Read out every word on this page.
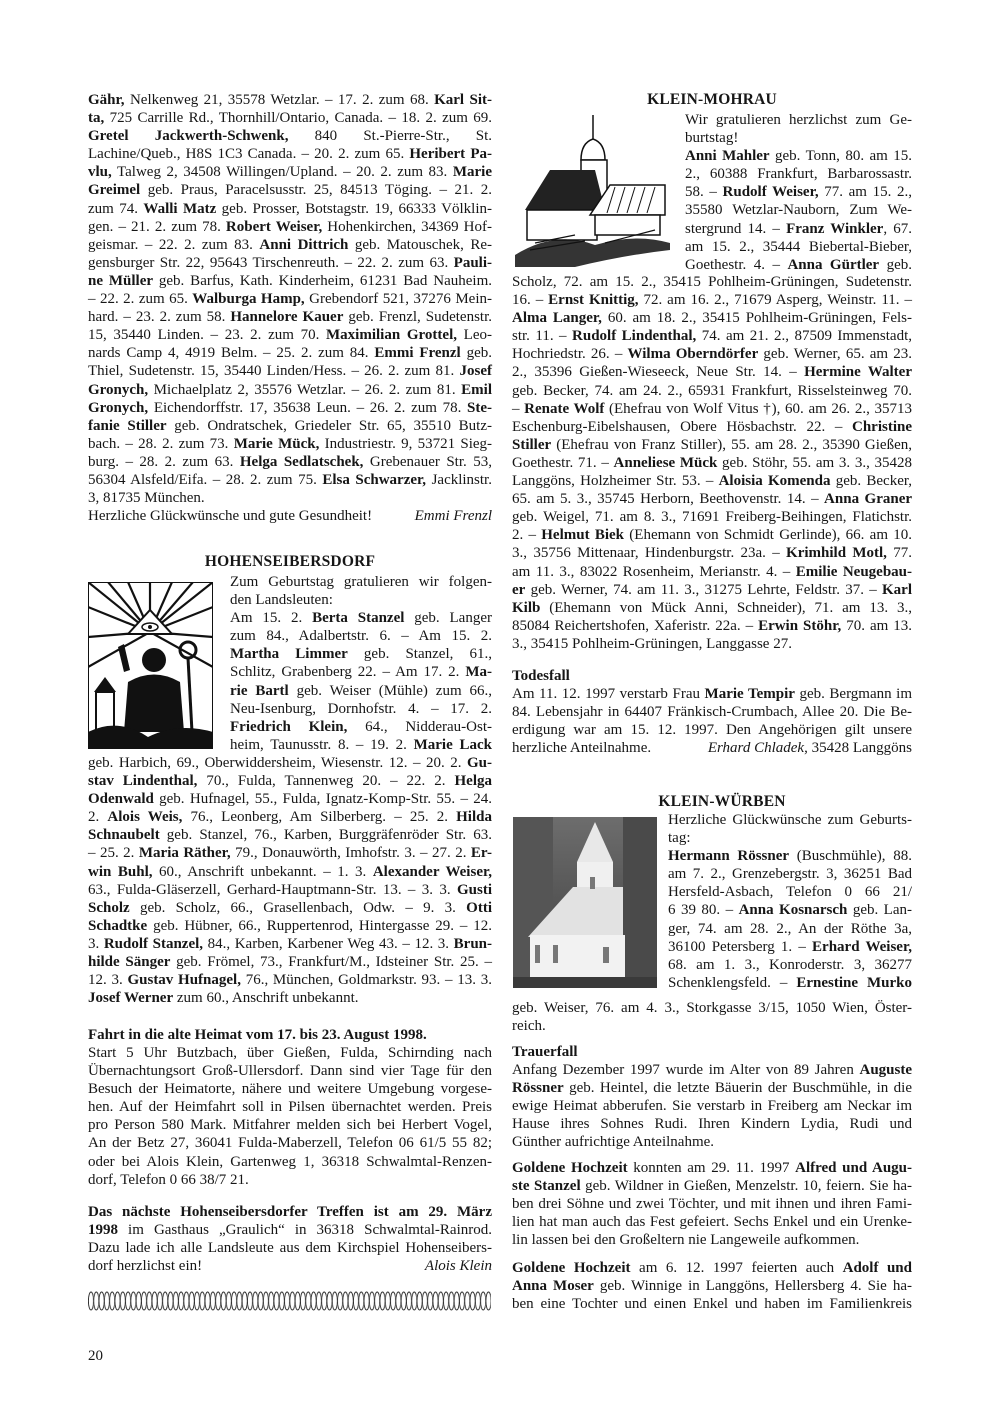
Gähr, Nelkenweg 21, 35578 Wetzlar. – 17. 2. zum 68. Karl Sit-
ta, 725 Carrille Rd., Thornhill/Ontario, Canada. – 18. 2. zum 69.
Gretel Jackwerth-Schwenk, 840 St.-Pierre-Str., St.
Lachine/Queb., H8S 1C3 Canada. – 20. 2. zum 65. Heribert Pa-
vlu, Talweg 2, 34508 Willingen/Upland. – 20. 2. zum 83. Marie
Greimel geb. Praus, Paracelsusstr. 25, 84513 Töging. – 21. 2.
zum 74. Walli Matz geb. Prosser, Botstagstr. 19, 66333 Völklin-
gen. – 21. 2. zum 78. Robert Weiser, Hohenkirchen, 34369 Hof-
geismar. – 22. 2. zum 83. Anni Dittrich geb. Matouschek, Re-
gensburger Str. 22, 95643 Tirschenreuth. – 22. 2. zum 63. Pauli-
ne Müller geb. Barfus, Kath. Kinderheim, 61231 Bad Nauheim.
– 22. 2. zum 65. Walburga Hamp, Grebendorf 521, 37276 Mein-
hard. – 23. 2. zum 58. Hannelore Kauer geb. Frenzl, Sudetenstr.
15, 35440 Linden. – 23. 2. zum 70. Maximilian Grottel, Leo-
nards Camp 4, 4919 Belm. – 25. 2. zum 84. Emmi Frenzl geb.
Thiel, Sudetenstr. 15, 35440 Linden/Hess. – 26. 2. zum 81. Josef
Gronych, Michaelplatz 2, 35576 Wetzlar. – 26. 2. zum 81. Emil
Gronych, Eichendorffstr. 17, 35638 Leun. – 26. 2. zum 78. Ste-
fanie Stiller geb. Ondratschek, Griedeler Str. 65, 35510 Butz-
bach. – 28. 2. zum 73. Marie Mück, Industriestr. 9, 53721 Sieg-
burg. – 28. 2. zum 63. Helga Sedlatschek, Grebenauer Str. 53,
56304 Alsfeld/Eifa. – 28. 2. zum 75. Elsa Schwarzer, Jacklinstr.
3, 81735 München.
Herzliche Glückwünsche und gute Gesundheit!	Emmi Frenzl
HOHENSEIBERSDORF
Zum Geburtstag gratulieren wir folgen-
den Landsleuten:
Am 15. 2. Berta Stanzel geb. Langer
zum 84., Adalbertstr. 6. – Am 15. 2.
Martha Limmer geb. Stanzel, 61.,
Schlitz, Grabenberg 22. – Am 17. 2. Ma-
rie Bartl geb. Weiser (Mühle) zum 66.,
Neu-Isenburg, Dornhofstr. 4. – 17. 2.
Friedrich Klein, 64., Nidderau-Ost-
heim, Taunusstr. 8. – 19. 2. Marie Lack
geb. Harbich, 69., Oberwiddersheim, Wiesenstr. 12. – 20. 2. Gu-
stav Lindenthal, 70., Fulda, Tannenweg 20. – 22. 2. Helga
Odenwald geb. Hufnagel, 55., Fulda, Ignatz-Komp-Str. 55. – 24.
2. Alois Weis, 76., Leonberg, Am Silberberg. – 25. 2. Hilda
Schnaubelt geb. Stanzel, 76., Karben, Burggräfenröder Str. 63.
– 25. 2. Maria Räther, 79., Donauwörth, Imhofstr. 3. – 27. 2. Er-
win Buhl, 60., Anschrift unbekannt. – 1. 3. Alexander Weiser,
63., Fulda-Gläserzell, Gerhard-Hauptmann-Str. 13. – 3. 3. Gusti
Scholz geb. Scholz, 66., Grasellenbach, Odw. – 9. 3. Otti
Schadtke geb. Hübner, 66., Ruppertenrod, Hintergasse 29. – 12.
3. Rudolf Stanzel, 84., Karben, Karbener Weg 43. – 12. 3. Brun-
hilde Sänger geb. Frömel, 73., Frankfurt/M., Idsteiner Str. 25. –
12. 3. Gustav Hufnagel, 76., München, Goldmarkstr. 93. – 13. 3.
Josef Werner zum 60., Anschrift unbekannt.
Fahrt in die alte Heimat vom 17. bis 23. August 1998.
Start 5 Uhr Butzbach, über Gießen, Fulda, Schirnding nach
Übernachtungsort Groß-Ullersdorf. Dann sind vier Tage für den
Besuch der Heimatorte, nähere und weitere Umgebung vorgese-
hen. Auf der Heimfahrt soll in Pilsen übernachtet werden. Preis
pro Person 580 Mark. Mitfahrer melden sich bei Herbert Vogel,
An der Betz 27, 36041 Fulda-Maberzell, Telefon 06 61/5 55 82;
oder bei Alois Klein, Gartenweg 1, 36318 Schwalmtal-Renzen-
dorf, Telefon 0 66 38/7 21.
Das nächste Hohenseibersdorfer Treffen ist am 29. März
1998 im Gasthaus „Graulich“ in 36318 Schwalmtal-Rainrod.
Dazu lade ich alle Landsleute aus dem Kirchspiel Hohenseibers-
dorf herzlichst ein!	Alois Klein
20
KLEIN-MOHRAU
Wir gratulieren herzlichst zum Ge-
burtstag!
Anni Mahler geb. Tonn, 80. am 15.
2., 60388 Frankfurt, Barbarossastr.
58. – Rudolf Weiser, 77. am 15. 2.,
35580 Wetzlar-Nauborn, Zum We-
stergrund 14. – Franz Winkler, 67.
am 15. 2., 35444 Biebertal-Bieber,
Goethestr. 4. – Anna Gürtler geb.
Scholz, 72. am 15. 2., 35415 Pohlheim-Grüningen, Sudetenstr.
16. – Ernst Knittig, 72. am 16. 2., 71679 Asperg, Weinstr. 11. –
Alma Langer, 60. am 18. 2., 35415 Pohlheim-Grüningen, Fels-
str. 11. – Rudolf Lindenthal, 74. am 21. 2., 87509 Immenstadt,
Hochriedstr. 26. – Wilma Oberndörfer geb. Werner, 65. am 23.
2., 35396 Gießen-Wieseeck, Neue Str. 14. – Hermine Walter
geb. Becker, 74. am 24. 2., 65931 Frankfurt, Risselsteinweg 70.
– Renate Wolf (Ehefrau von Wolf Vitus †), 60. am 26. 2., 35713
Eschenburg-Eibelshausen, Obere Hösbachstr. 22. – Christine
Stiller (Ehefrau von Franz Stiller), 55. am 28. 2., 35390 Gießen,
Goethestr. 71. – Anneliese Mück geb. Stöhr, 55. am 3. 3., 35428
Langgöns, Holzheimer Str. 53. – Aloisia Komenda geb. Becker,
65. am 5. 3., 35745 Herborn, Beethovenstr. 14. – Anna Graner
geb. Weigel, 71. am 8. 3., 71691 Freiberg-Beihingen, Flatichstr.
2. – Helmut Biek (Ehemann von Schmidt Gerlinde), 66. am 10.
3., 35756 Mittenaar, Hindenburgstr. 23a. – Krimhild Motl, 77.
am 11. 3., 83022 Rosenheim, Merianstr. 4. – Emilie Neugebau-
er geb. Werner, 74. am 11. 3., 31275 Lehrte, Feldstr. 37. – Karl
Kilb (Ehemann von Mück Anni, Schneider), 71. am 13. 3.,
85084 Reichertshofen, Xaferistr. 22a. – Erwin Stöhr, 70. am 13.
3., 35415 Pohlheim-Grüningen, Langgasse 27.
Todesfall
Am 11. 12. 1997 verstarb Frau Marie Tempir geb. Bergmann im
84. Lebensjahr in 64407 Fränkisch-Crumbach, Allee 20. Die Be-
erdigung war am 15. 12. 1997. Den Angehörigen gilt unsere
herzliche Anteilnahme.	Erhard Chladek, 35428 Langgöns
KLEIN-WÜRBEN
Herzliche Glückwünsche zum Geburts-
tag:
Hermann Rössner (Buschmühle), 88.
am 7. 2., Grenzebergstr. 3, 36251 Bad
Hersfeld-Asbach, Telefon 0 66 21/
6 39 80. – Anna Kosnarsch geb. Lan-
ger, 74. am 28. 2., An der Röthe 3a,
36100 Petersberg 1. – Erhard Weiser,
68. am 1. 3., Konroderstr. 3, 36277
Schenklengsfeld. – Ernestine Murko
geb. Weiser, 76. am 4. 3., Storkgasse 3/15, 1050 Wien, Öster-
reich.
Trauerfall
Anfang Dezember 1997 wurde im Alter von 89 Jahren Auguste
Rössner geb. Heintel, die letzte Bäuerin der Buschmühle, in die
ewige Heimat abberufen. Sie verstarb in Freiberg am Neckar im
Hause ihres Sohnes Rudi. Ihren Kindern Lydia, Rudi und
Günther aufrichtige Anteilnahme.
Goldene Hochzeit konnten am 29. 11. 1997 Alfred und Augu-
ste Stanzel geb. Wildner in Gießen, Menzelstr. 10, feiern. Sie ha-
ben drei Söhne und zwei Töchter, und mit ihnen und ihren Fami-
lien hat man auch das Fest gefeiert. Sechs Enkel und ein Urenke-
lin lassen bei den Großeltern nie Langeweile aufkommen.
Goldene Hochzeit am 6. 12. 1997 feierten auch Adolf und
Anna Moser geb. Winnige in Langgöns, Hellersberg 4. Sie ha-
ben eine Tochter und einen Enkel und haben im Familienkreis
